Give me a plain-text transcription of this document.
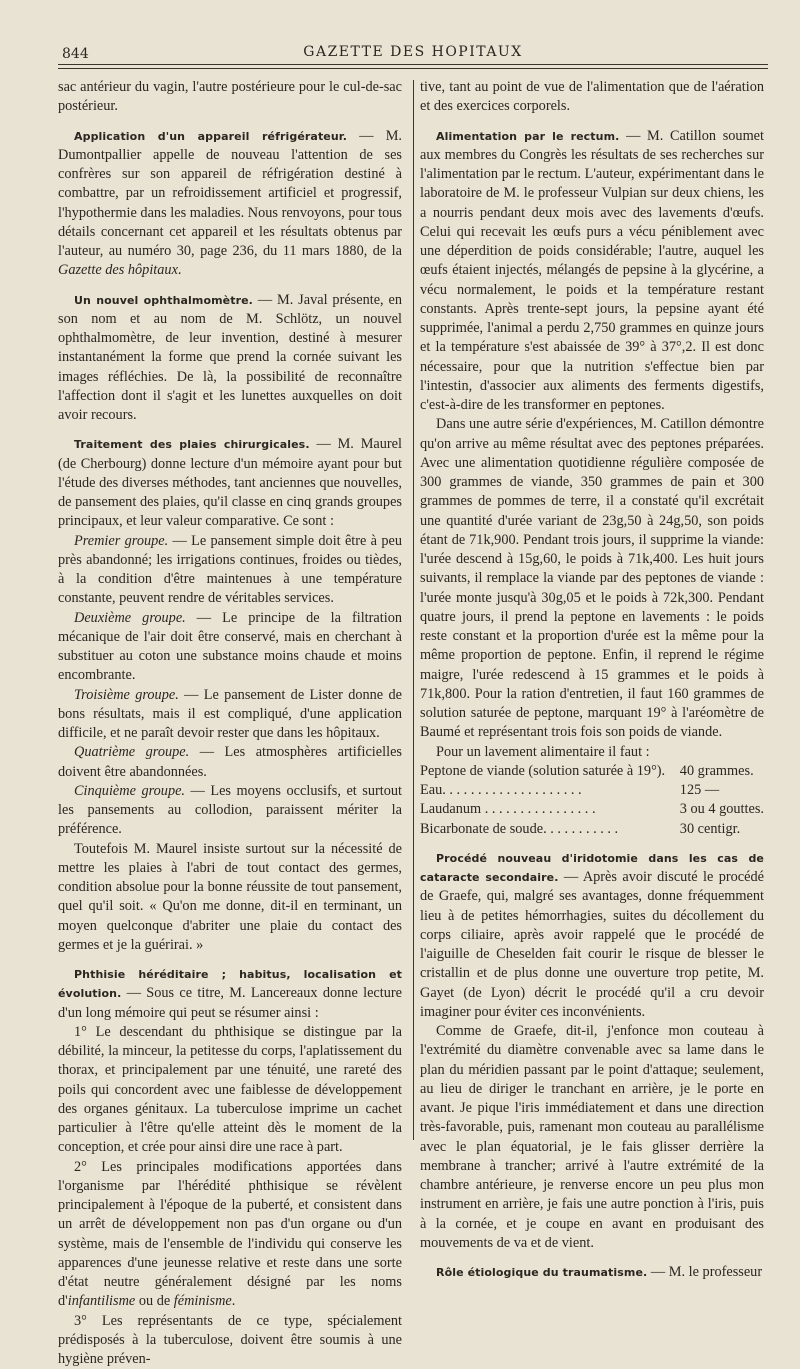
844	GAZETTE DES HOPITAUX

sac antérieur du vagin, l'autre postérieure pour le cul-de-sac postérieur.

Application d'un appareil réfrigérateur. — M. Dumontpallier appelle de nouveau l'attention de ses confrères sur son appareil de réfrigération destiné à combattre, par un refroidissement artificiel et progressif, l'hypothermie dans les maladies. Nous renvoyons, pour tous détails concernant cet appareil et les résultats obtenus par l'auteur, au numéro 30, page 236, du 11 mars 1880, de la Gazette des hôpitaux.

Un nouvel ophthalmomètre. — M. Javal présente, en son nom et au nom de M. Schlötz, un nouvel ophthalmomètre, de leur invention, destiné à mesurer instantanément la forme que prend la cornée suivant les images réfléchies. De là, la possibilité de reconnaître l'affection dont il s'agit et les lunettes auxquelles on doit avoir recours.

Traitement des plaies chirurgicales. — M. Maurel (de Cherbourg) donne lecture d'un mémoire ayant pour but l'étude des diverses méthodes, tant anciennes que nouvelles, de pansement des plaies, qu'il classe en cinq grands groupes principaux, et leur valeur comparative. Ce sont :

Premier groupe. — Le pansement simple doit être à peu près abandonné; les irrigations continues, froides ou tièdes, à la condition d'être maintenues à une température constante, peuvent rendre de véritables services.

Deuxième groupe. — Le principe de la filtration mécanique de l'air doit être conservé, mais en cherchant à substituer au coton une substance moins chaude et moins encombrante.

Troisième groupe. — Le pansement de Lister donne de bons résultats, mais il est compliqué, d'une application difficile, et ne paraît devoir rester que dans les hôpitaux.

Quatrième groupe. — Les atmosphères artificielles doivent être abandonnées.

Cinquième groupe. — Les moyens occlusifs, et surtout les pansements au collodion, paraissent mériter la préférence.

Toutefois M. Maurel insiste surtout sur la nécessité de mettre les plaies à l'abri de tout contact des germes, condition absolue pour la bonne réussite de tout pansement, quel qu'il soit. « Qu'on me donne, dit-il en terminant, un moyen quelconque d'abriter une plaie du contact des germes et je la guérirai. »

Phthisie héréditaire ; habitus, localisation et évolution. — Sous ce titre, M. Lancereaux donne lecture d'un long mémoire qui peut se résumer ainsi :

1° Le descendant du phthisique se distingue par la débilité, la minceur, la petitesse du corps, l'aplatissement du thorax, et principalement par une ténuité, une rareté des poils qui concordent avec une faiblesse de développement des organes génitaux. La tuberculose imprime un cachet particulier à l'être qu'elle atteint dès le moment de la conception, et crée pour ainsi dire une race à part.

2° Les principales modifications apportées dans l'organisme par l'hérédité phthisique se révèlent principalement à l'époque de la puberté, et consistent dans un arrêt de développement non pas d'un organe ou d'un système, mais de l'ensemble de l'individu qui conserve les apparences d'une jeunesse relative et reste dans une sorte d'état neutre généralement désigné par les noms d'infantilisme ou de féminisme.

3° Les représentants de ce type, spécialement prédisposés à la tuberculose, doivent être soumis à une hygiène préven-

tive, tant au point de vue de l'alimentation que de l'aération et des exercices corporels.

Alimentation par le rectum. — M. Catillon soumet aux membres du Congrès les résultats de ses recherches sur l'alimentation par le rectum. L'auteur, expérimentant dans le laboratoire de M. le professeur Vulpian sur deux chiens, les a nourris pendant deux mois avec des lavements d'œufs. Celui qui recevait les œufs purs a vécu péniblement avec une déperdition de poids considérable; l'autre, auquel les œufs étaient injectés, mélangés de pepsine à la glycérine, a vécu normalement, le poids et la température restant constants. Après trente-sept jours, la pepsine ayant été supprimée, l'animal a perdu 2,750 grammes en quinze jours et la température s'est abaissée de 39° à 37°,2. Il est donc nécessaire, pour que la nutrition s'effectue bien par l'intestin, d'associer aux aliments des ferments digestifs, c'est-à-dire de les transformer en peptones.

Dans une autre série d'expériences, M. Catillon démontre qu'on arrive au même résultat avec des peptones préparées. Avec une alimentation quotidienne régulière composée de 300 grammes de viande, 350 grammes de pain et 300 grammes de pommes de terre, il a constaté qu'il excrétait une quantité d'urée variant de 23g,50 à 24g,50, son poids étant de 71k,900. Pendant trois jours, il supprime la viande: l'urée descend à 15g,60, le poids à 71k,400. Les huit jours suivants, il remplace la viande par des peptones de viande : l'urée monte jusqu'à 30g,05 et le poids à 72k,300. Pendant quatre jours, il prend la peptone en lavements : le poids reste constant et la proportion d'urée est la même pour la même proportion de peptone. Enfin, il reprend le régime maigre, l'urée redescend à 15 grammes et le poids à 71k,800. Pour la ration d'entretien, il faut 160 grammes de solution saturée de peptone, marquant 19° à l'aréomètre de Baumé et représentant trois fois son poids de viande.

Pour un lavement alimentaire il faut :

Peptone de viande (solution saturée à 19°).	40 grammes.
Eau. . . . . . . . . . . . . . . . . . . .	125 —
Laudanum . . . . . . . . . . . . . . . .	3 ou 4 gouttes.
Bicarbonate de soude. . . . . . . . . . .	30 centigr.

Procédé nouveau d'iridotomie dans les cas de cataracte secondaire. — Après avoir discuté le procédé de Graefe, qui, malgré ses avantages, donne fréquemment lieu à de petites hémorrhagies, suites du décollement du corps ciliaire, après avoir rappelé que le procédé de l'aiguille de Cheselden fait courir le risque de blesser le cristallin et de plus donne une ouverture trop petite, M. Gayet (de Lyon) décrit le procédé qu'il a cru devoir imaginer pour éviter ces inconvénients.

Comme de Graefe, dit-il, j'enfonce mon couteau à l'extrémité du diamètre convenable avec sa lame dans le plan du méridien passant par le point d'attaque; seulement, au lieu de diriger le tranchant en arrière, je le porte en avant. Je pique l'iris immédiatement et dans une direction très-favorable, puis, ramenant mon couteau au parallélisme avec le plan équatorial, je le fais glisser derrière la membrane à trancher; arrivé à l'autre extrémité de la chambre antérieure, je renverse encore un peu plus mon instrument en arrière, je fais une autre ponction à l'iris, puis à la cornée, et je coupe en avant en produisant des mouvements de va et de vient.

Rôle étiologique du traumatisme. — M. le professeur
